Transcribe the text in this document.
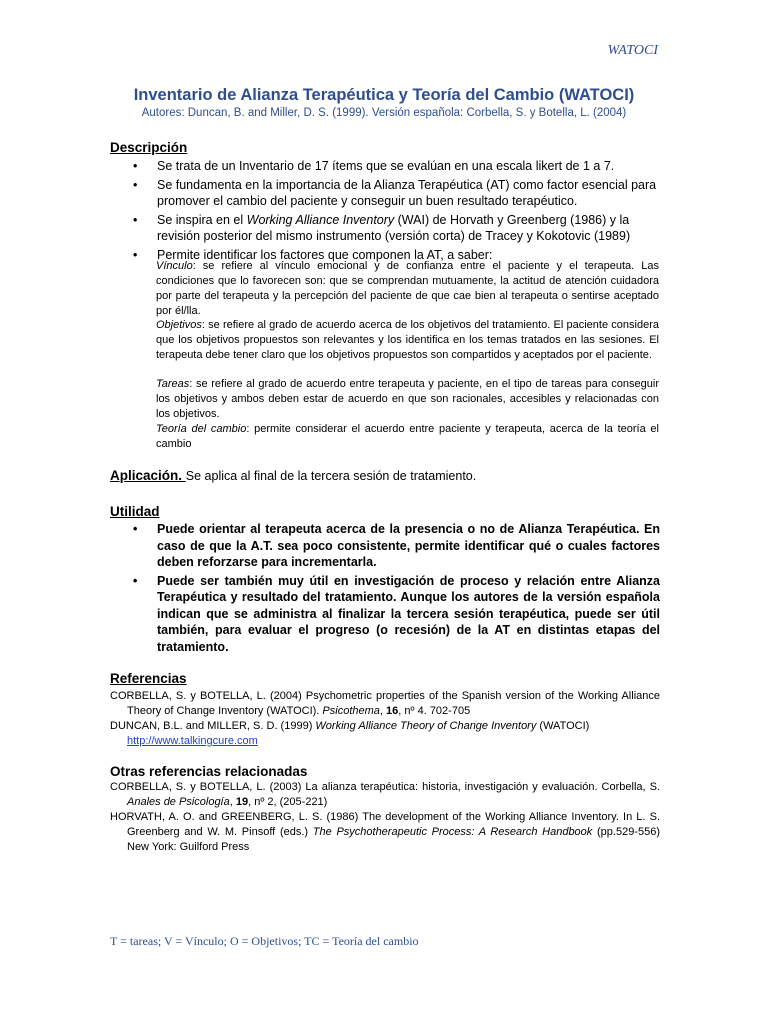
WATOCI
Inventario de Alianza Terapéutica y Teoría del Cambio (WATOCI)
Autores: Duncan, B. and Miller, D. S. (1999). Versión española: Corbella, S. y Botella, L. (2004)
Descripción
• Se trata de un Inventario de 17 ítems que se evalúan en una escala likert de 1 a 7.
• Se fundamenta en la importancia de la Alianza Terapéutica (AT) como factor esencial para promover el cambio del paciente y conseguir un buen resultado terapéutico.
• Se inspira en el Working Alliance Inventory (WAI) de Horvath y Greenberg (1986) y la revisión posterior del mismo instrumento (versión corta) de Tracey y Kokotovic (1989)
• Permite identificar los factores que componen la AT, a saber:
Vínculo: se refiere al vínculo emocional y de confianza entre el paciente y el terapeuta. Las condiciones que lo favorecen son: que se comprendan mutuamente, la actitud de atención cuidadora por parte del terapeuta y la percepción del paciente de que cae bien al terapeuta o sentirse aceptado por él/lla.
Objetivos: se refiere al grado de acuerdo acerca de los objetivos del tratamiento. El paciente considera que los objetivos propuestos son relevantes y los identifica en los temas tratados en las sesiones. El terapeuta debe tener claro que los objetivos propuestos son compartidos y aceptados por el paciente.
Tareas: se refiere al grado de acuerdo entre terapeuta y paciente, en el tipo de tareas para conseguir los objetivos y ambos deben estar de acuerdo en que son racionales, accesibles y relacionadas con los objetivos.
Teoría del cambio: permite considerar el acuerdo entre paciente y terapeuta, acerca de la teoría el cambio
Aplicación. Se aplica al final de la tercera sesión de tratamiento.
Utilidad
• Puede orientar al terapeuta acerca de la presencia o no de Alianza Terapéutica. En caso de que la A.T. sea poco consistente, permite identificar qué o cuales factores deben reforzarse para incrementarla.
• Puede ser también muy útil en investigación de proceso y relación entre Alianza Terapéutica y resultado del tratamiento. Aunque los autores de la versión española indican que se administra al finalizar la tercera sesión terapéutica, puede ser útil también, para evaluar el progreso (o recesión) de la AT en distintas etapas del tratamiento.
Referencias
CORBELLA, S. y BOTELLA, L. (2004) Psychometric properties of the Spanish version of the Working Alliance Theory of Change Inventory (WATOCI). Psicothema, 16, nº 4. 702-705
DUNCAN, B.L. and MILLER, S. D. (1999) Working Alliance Theory of Change Inventory (WATOCI)
http://www.talkingcure.com
Otras referencias relacionadas
CORBELLA, S. y BOTELLA, L. (2003) La alianza terapéutica: historia, investigación y evaluación. Corbella, S. Anales de Psicología, 19, nº 2, (205-221)
HORVATH, A. O. and GREENBERG, L. S. (1986) The development of the Working Alliance Inventory. In L. S. Greenberg and W. M. Pinsoff (eds.) The Psychotherapeutic Process: A Research Handbook (pp.529-556) New York: Guilford Press
T = tareas; V = Vínculo; O = Objetivos; TC = Teoría del cambio
